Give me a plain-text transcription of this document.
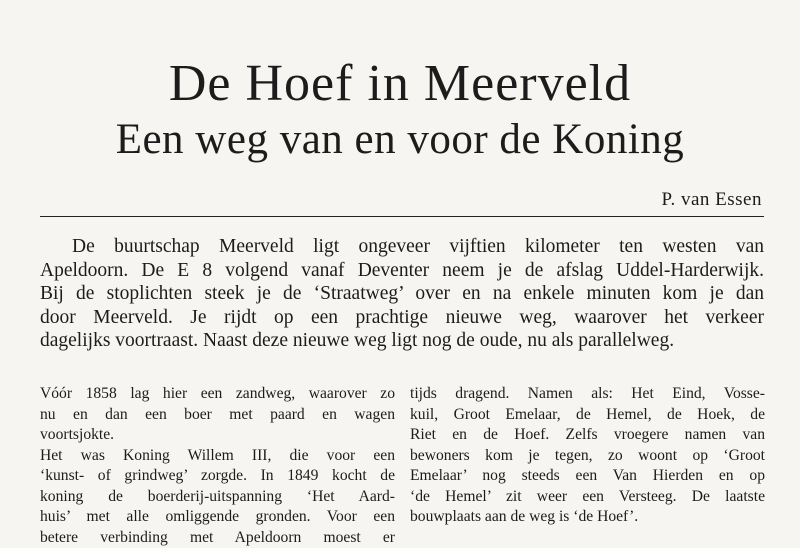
De Hoef in Meerveld
Een weg van en voor de Koning
P. van Essen
De buurtschap Meerveld ligt ongeveer vijftien kilometer ten westen van
Apeldoorn. De E 8 volgend vanaf Deventer neem je de afslag Uddel-Harderwijk.
Bij de stoplichten steek je de ‘Straatweg’ over en na enkele minuten kom je dan
door Meerveld. Je rijdt op een prachtige nieuwe weg, waarover het verkeer
dagelijks voortraast. Naast deze nieuwe weg ligt nog de oude, nu als parallelweg.
Vóór 1858 lag hier een zandweg, waarover zo
nu en dan een boer met paard en wagen
voortsjokte.
Het was Koning Willem III, die voor een
‘kunst- of grindweg’ zorgde. In 1849 kocht de
koning de boerderij-uitspanning ‘Het Aard-
huis’ met alle omliggende gronden. Voor een
betere verbinding met Apeldoorn moest er
tijds dragend. Namen als: Het Eind, Vosse-
kuil, Groot Emelaar, de Hemel, de Hoek, de
Riet en de Hoef. Zelfs vroegere namen van
bewoners kom je tegen, zo woont op ‘Groot
Emelaar’ nog steeds een Van Hierden en op
‘de Hemel’ zit weer een Versteeg. De laatste
bouwplaats aan de weg is ‘de Hoef’.
